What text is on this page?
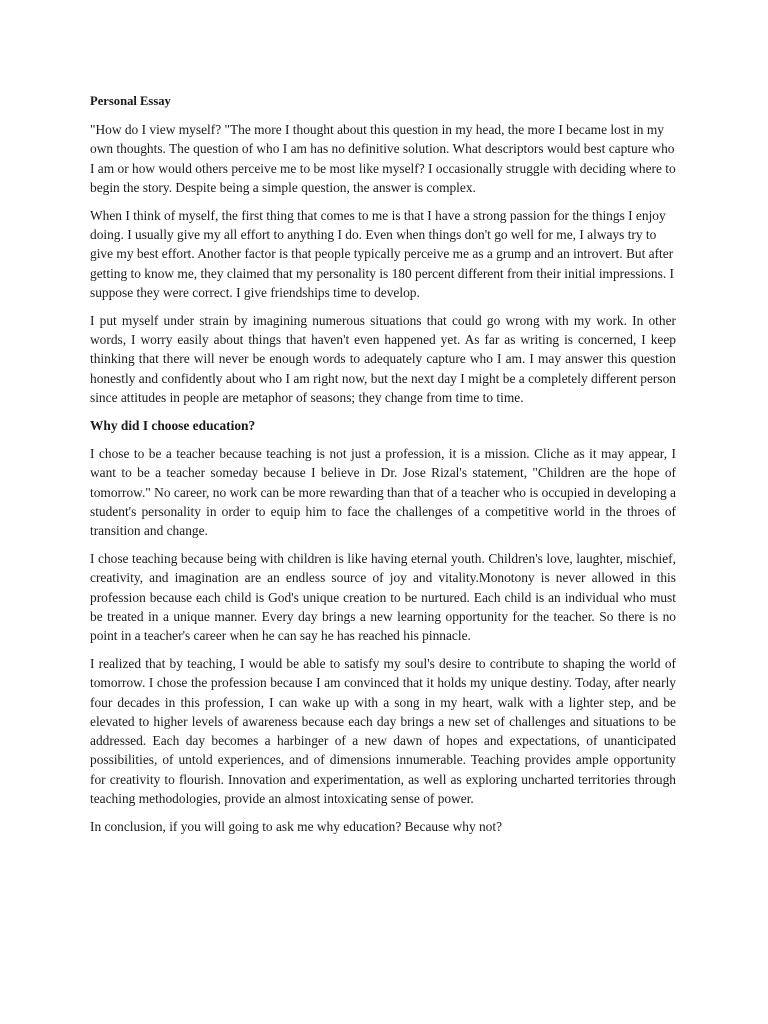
Personal Essay

"How do I view myself? "The more I thought about this question in my head, the more I became lost in my own thoughts. The question of who I am has no definitive solution. What descriptors would best capture who I am or how would others perceive me to be most like myself? I occasionally struggle with deciding where to begin the story. Despite being a simple question, the answer is complex.

When I think of myself, the first thing that comes to me is that I have a strong passion for the things I enjoy doing. I usually give my all effort to anything I do. Even when things don't go well for me, I always try to give my best effort. Another factor is that people typically perceive me as a grump and an introvert. But after getting to know me, they claimed that my personality is 180 percent different from their initial impressions. I suppose they were correct. I give friendships time to develop.

I put myself under strain by imagining numerous situations that could go wrong with my work. In other words, I worry easily about things that haven't even happened yet. As far as writing is concerned, I keep thinking that there will never be enough words to adequately capture who I am. I may answer this question honestly and confidently about who I am right now, but the next day I might be a completely different person since attitudes in people are metaphor of seasons; they change from time to time.

Why did I choose education?

I chose to be a teacher because teaching is not just a profession, it is a mission. Cliche as it may appear, I want to be a teacher someday because I believe in Dr. Jose Rizal's statement, "Children are the hope of tomorrow." No career, no work can be more rewarding than that of a teacher who is occupied in developing a student's personality in order to equip him to face the challenges of a competitive world in the throes of transition and change.

I chose teaching because being with children is like having eternal youth. Children's love, laughter, mischief, creativity, and imagination are an endless source of joy and vitality.Monotony is never allowed in this profession because each child is God's unique creation to be nurtured. Each child is an individual who must be treated in a unique manner. Every day brings a new learning opportunity for the teacher. So there is no point in a teacher's career when he can say he has reached his pinnacle.

I realized that by teaching, I would be able to satisfy my soul's desire to contribute to shaping the world of tomorrow. I chose the profession because I am convinced that it holds my unique destiny. Today, after nearly four decades in this profession, I can wake up with a song in my heart, walk with a lighter step, and be elevated to higher levels of awareness because each day brings a new set of challenges and situations to be addressed. Each day becomes a harbinger of a new dawn of hopes and expectations, of unanticipated possibilities, of untold experiences, and of dimensions innumerable. Teaching provides ample opportunity for creativity to flourish. Innovation and experimentation, as well as exploring uncharted territories through teaching methodologies, provide an almost intoxicating sense of power.

In conclusion, if you will going to ask me why education? Because why not?
